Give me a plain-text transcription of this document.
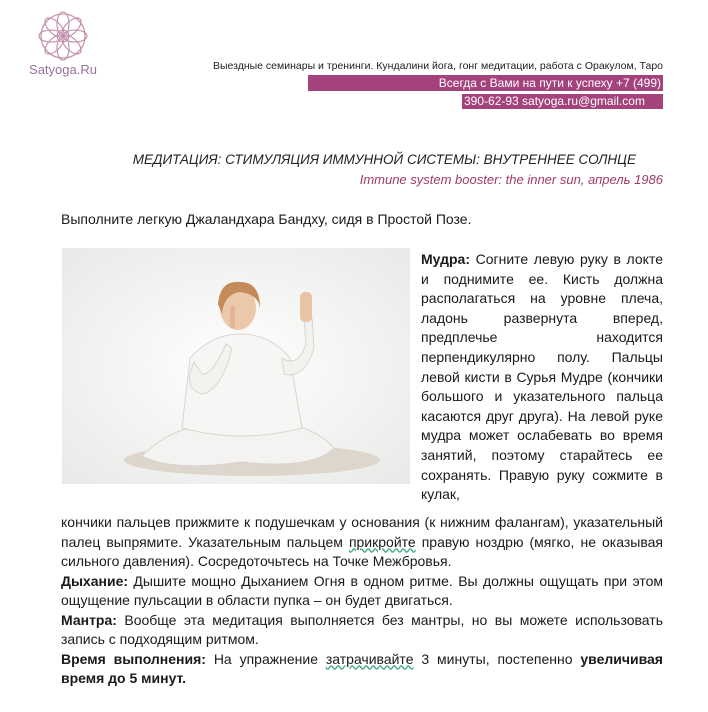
Satyoga.Ru	Выездные семинары и тренинги. Кундалини йога, гонг медитации, работа с Оракулом, Таро
Всегда с Вами на пути к успеху +7 (499)
390-62-93 satyoga.ru@gmail.com
МЕДИТАЦИЯ: СТИМУЛЯЦИЯ ИММУННОЙ СИСТЕМЫ: ВНУТРЕННЕЕ СОЛНЦЕ
Immune system booster: the inner sun, апрель 1986
Выполните легкую Джаландхара Бандху, сидя в Простой Позе.
Мудра: Согните левую руку в локте и поднимите ее. Кисть должна располагаться на уровне плеча, ладонь развернута вперед, предплечье находится перпендикулярно полу. Пальцы левой кисти в Сурья Мудре (кончики большого и указательного пальца касаются друг друга). На левой руке мудра может ослабевать во время занятий, поэтому старайтесь ее сохранять. Правую руку сожмите в кулак,

кончики пальцев прижмите к подушечкам у основания (к нижним фалангам), указательный палец выпрямите. Указательным пальцем прикройте правую ноздрю (мягко, не оказывая сильного давления). Сосредоточьтесь на Точке Межбровья.

Дыхание: Дышите мощно Дыханием Огня в одном ритме. Вы должны ощущать при этом ощущение пульсации в области пупка – он будет двигаться.

Мантра: Вообще эта медитация выполняется без мантры, но вы можете использовать запись с подходящим ритмом.

Время выполнения: На упражнение затрачивайте 3 минуты, постепенно увеличивая время до 5 минут.
